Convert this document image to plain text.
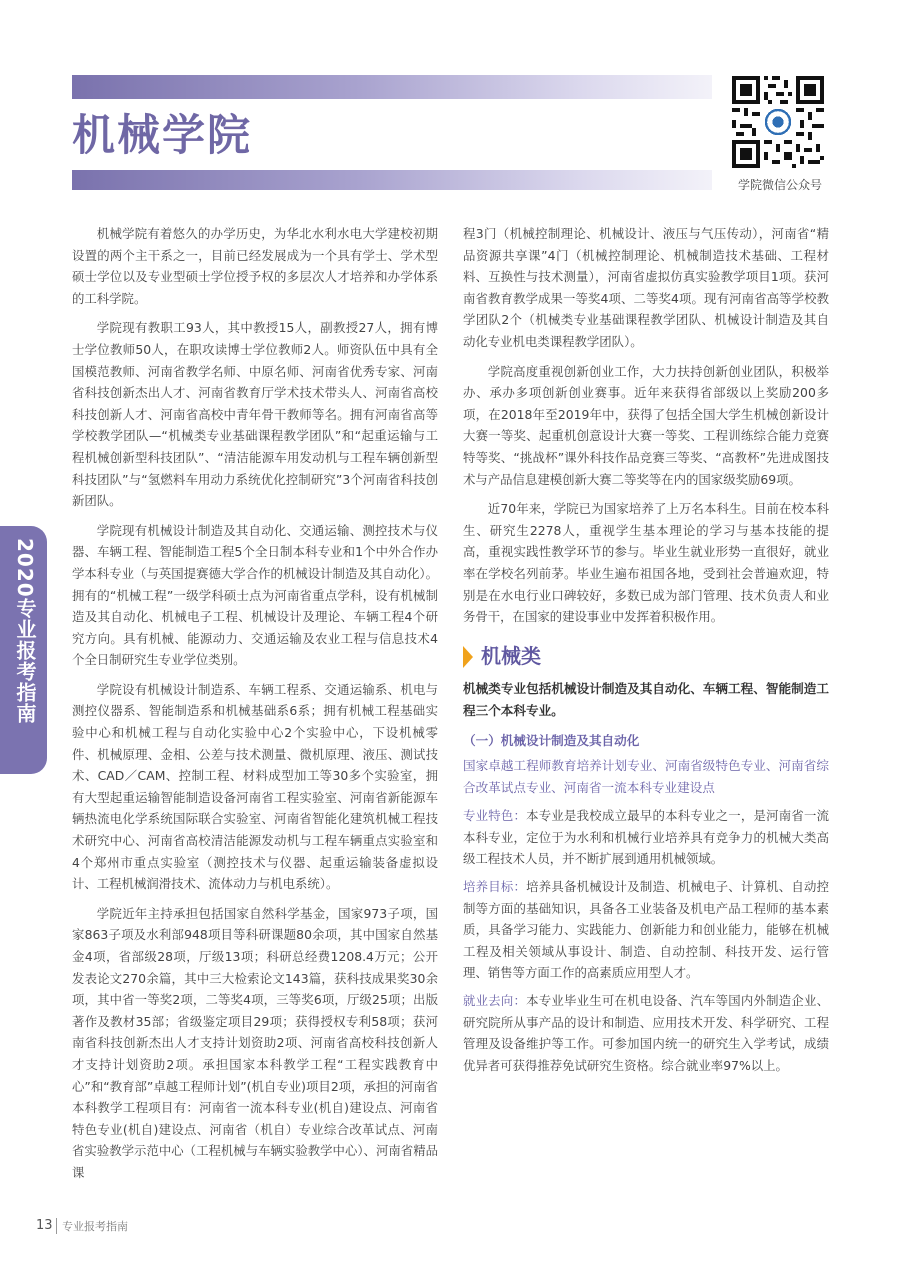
机械学院
学院微信公众号
2020专业报考指南

机械学院有着悠久的办学历史，为华北水利水电大学建校初期设置的两个主干系之一，目前已经发展成为一个具有学士、学术型硕士学位以及专业型硕士学位授予权的多层次人才培养和办学体系的工科学院。

学院现有教职工93人，其中教授15人，副教授27人，拥有博士学位教师50人，在职攻读博士学位教师2人。师资队伍中具有全国模范教师、河南省教学名师、中原名师、河南省优秀专家、河南省科技创新杰出人才、河南省教育厅学术技术带头人、河南省高校科技创新人才、河南省高校中青年骨干教师等名。拥有河南省高等学校教学团队—“机械类专业基础课程教学团队”和“起重运输与工程机械创新型科技团队”、“清洁能源车用发动机与工程车辆创新型科技团队”与“氢燃料车用动力系统优化控制研究”3个河南省科技创新团队。

学院现有机械设计制造及其自动化、交通运输、测控技术与仪器、车辆工程、智能制造工程5个全日制本科专业和1个中外合作办学本科专业（与英国提赛德大学合作的机械设计制造及其自动化）。拥有的“机械工程”一级学科硕士点为河南省重点学科，设有机械制造及其自动化、机械电子工程、机械设计及理论、车辆工程4个研究方向。具有机械、能源动力、交通运输及农业工程与信息技术4个全日制研究生专业学位类别。

学院设有机械设计制造系、车辆工程系、交通运输系、机电与测控仪器系、智能制造系和机械基础系6系；拥有机械工程基础实验中心和机械工程与自动化实验中心2个实验中心，下设机械零件、机械原理、金相、公差与技术测量、微机原理、液压、测试技术、CAD／CAM、控制工程、材料成型加工等30多个实验室，拥有大型起重运输智能制造设备河南省工程实验室、河南省新能源车辆热流电化学系统国际联合实验室、河南省智能化建筑机械工程技术研究中心、河南省高校清洁能源发动机与工程车辆重点实验室和4个郑州市重点实验室（测控技术与仪器、起重运输装备虚拟设计、工程机械润滑技术、流体动力与机电系统）。

学院近年主持承担包括国家自然科学基金，国家973子项，国家863子项及水利部948项目等科研课题80余项，其中国家自然基金4项，省部级28项，厅级13项；科研总经费1208.4万元；公开发表论文270余篇，其中三大检索论文143篇，获科技成果奖30余项，其中省一等奖2项，二等奖4项，三等奖6项，厅级25项；出版著作及教材35部；省级鉴定项目29项；获得授权专利58项；获河南省科技创新杰出人才支持计划资助2项、河南省高校科技创新人才支持计划资助2项。承担国家本科教学工程“工程实践教育中心”和“教育部”卓越工程师计划”(机自专业)项目2项，承担的河南省本科教学工程项目有：河南省一流本科专业(机自)建设点、河南省特色专业(机自)建设点、河南省（机自）专业综合改革试点、河南省实验教学示范中心（工程机械与车辆实验教学中心）、河南省精品课

程3门（机械控制理论、机械设计、液压与气压传动），河南省“精品资源共享课”4门（机械控制理论、机械制造技术基础、工程材料、互换性与技术测量），河南省虚拟仿真实验教学项目1项。获河南省教育教学成果一等奖4项、二等奖4项。现有河南省高等学校教学团队2个（机械类专业基础课程教学团队、机械设计制造及其自动化专业机电类课程教学团队）。

学院高度重视创新创业工作，大力扶持创新创业团队，积极举办、承办多项创新创业赛事。近年来获得省部级以上奖励200多项，在2018年至2019年中，获得了包括全国大学生机械创新设计大赛一等奖、起重机创意设计大赛一等奖、工程训练综合能力竞赛特等奖、“挑战杯”课外科技作品竞赛三等奖、“高教杯”先进成图技术与产品信息建模创新大赛二等奖等在内的国家级奖励69项。

近70年来，学院已为国家培养了上万名本科生。目前在校本科生、研究生2278人，重视学生基本理论的学习与基本技能的提高，重视实践性教学环节的参与。毕业生就业形势一直很好，就业率在学校名列前茅。毕业生遍布祖国各地，受到社会普遍欢迎，特别是在水电行业口碑较好，多数已成为部门管理、技术负责人和业务骨干，在国家的建设事业中发挥着积极作用。

机械类
机械类专业包括机械设计制造及其自动化、车辆工程、智能制造工程三个本科专业。
（一）机械设计制造及其自动化
国家卓越工程师教育培养计划专业、河南省级特色专业、河南省综合改革试点专业、河南省一流本科专业建设点
专业特色：本专业是我校成立最早的本科专业之一，是河南省一流本科专业，定位于为水利和机械行业培养具有竞争力的机械大类高级工程技术人员，并不断扩展到通用机械领域。
培养目标：培养具备机械设计及制造、机械电子、计算机、自动控制等方面的基础知识，具备各工业装备及机电产品工程师的基本素质，具备学习能力、实践能力、创新能力和创业能力，能够在机械工程及相关领域从事设计、制造、自动控制、科技开发、运行管理、销售等方面工作的高素质应用型人才。
就业去向：本专业毕业生可在机电设备、汽车等国内外制造企业、研究院所从事产品的设计和制造、应用技术开发、科学研究、工程管理及设备维护等工作。可参加国内统一的研究生入学考试，成绩优异者可获得推荐免试研究生资格。综合就业率97%以上。
13 专业报考指南
